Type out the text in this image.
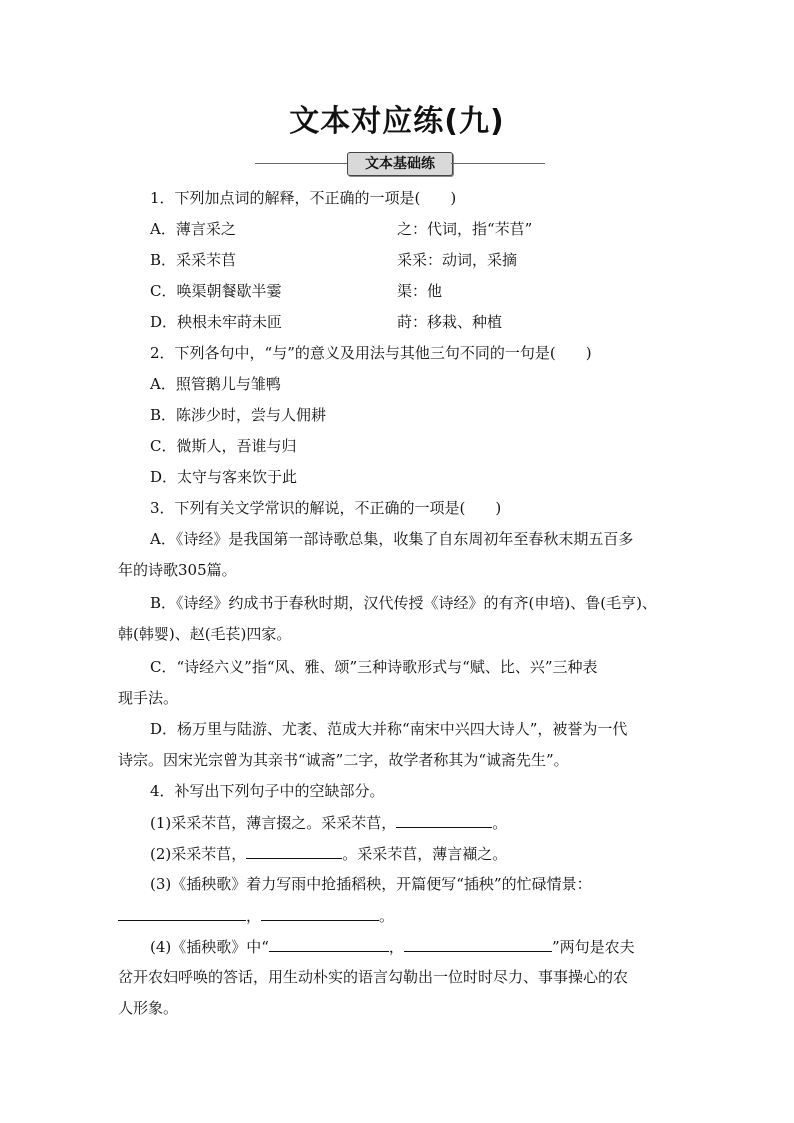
文本对应练(九)
文本基础练
1．下列加点词的解释，不正确的一项是(　　)
A．薄言采之	之：代词，指“芣苢”
B．采采芣苢	采采：动词，采摘
C．唤渠朝餐歇半霎	渠：他
D．秧根未牢莳未匝	莳：移栽、种植
2．下列各句中，“与”的意义及用法与其他三句不同的一句是(　　)
A．照管鹅儿与雏鸭
B．陈涉少时，尝与人佣耕
C．微斯人，吾谁与归
D．太守与客来饮于此
3．下列有关文学常识的解说，不正确的一项是(　　)
A．《诗经》是我国第一部诗歌总集，收集了自东周初年至春秋末期五百多
年的诗歌305篇。
B．《诗经》约成书于春秋时期，汉代传授《诗经》的有齐(申培)、鲁(毛亨)、
韩(韩婴)、赵(毛苌)四家。
C．“诗经六义”指“风、雅、颂”三种诗歌形式与“赋、比、兴”三种表
现手法。
D．杨万里与陆游、尤袤、范成大并称“南宋中兴四大诗人”，被誉为一代
诗宗。因宋光宗曾为其亲书“诚斋”二字，故学者称其为“诚斋先生”。
4．补写出下列句子中的空缺部分。
(1)采采芣苢，薄言掇之。采采芣苢，	。
(2)采采芣苢，	。采采芣苢，薄言襭之。
(3)《插秧歌》着力写雨中抢插稻秧，开篇便写“插秧”的忙碌情景：
，	。
(4)《插秧歌》中“	，	”两句是农夫
岔开农妇呼唤的答话，用生动朴实的语言勾勒出一位时时尽力、事事操心的农
人形象。
